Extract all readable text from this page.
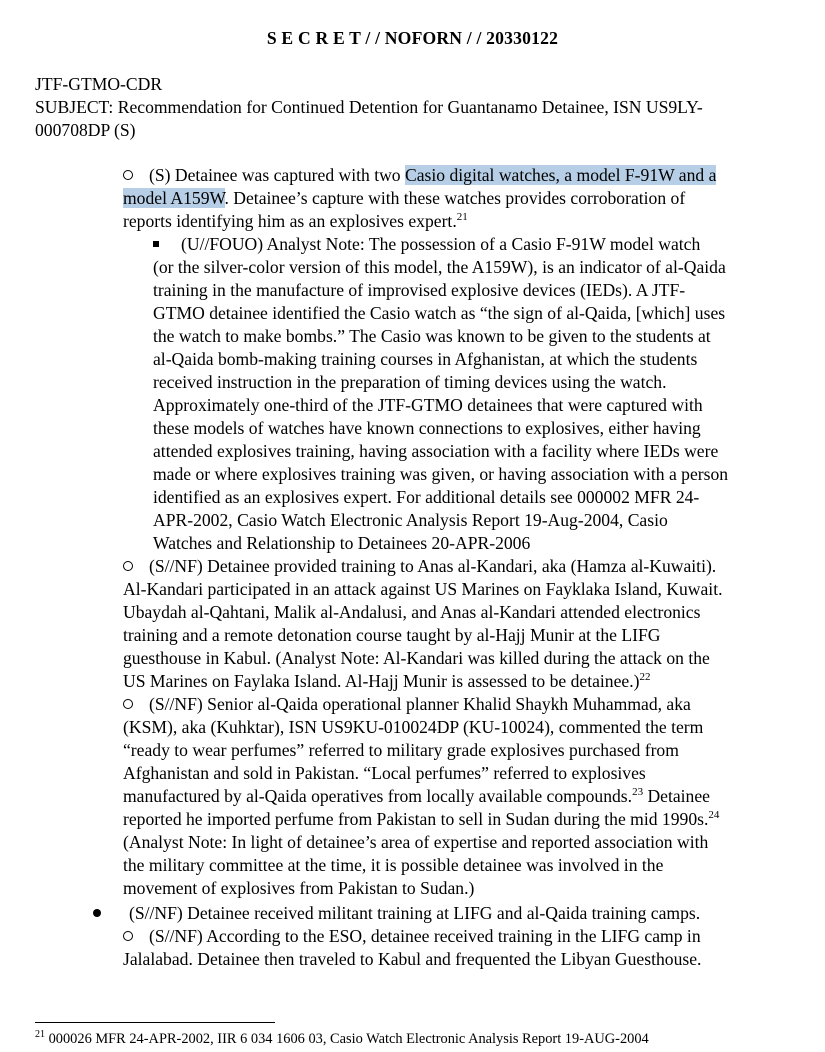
S E C R E T / / NOFORN / / 20330122
JTF-GTMO-CDR
SUBJECT: Recommendation for Continued Detention for Guantanamo Detainee, ISN US9LY-
000708DP (S)
(S) Detainee was captured with two Casio digital watches, a model F-91W and a
model A159W. Detainee’s capture with these watches provides corroboration of
reports identifying him as an explosives expert.$^{21}$
(U//FOUO) Analyst Note: The possession of a Casio F-91W model watch
(or the silver-color version of this model, the A159W), is an indicator of al-Qaida
training in the manufacture of improvised explosive devices (IEDs). A JTF-
GTMO detainee identified the Casio watch as “the sign of al-Qaida, [which] uses
the watch to make bombs.” The Casio was known to be given to the students at
al-Qaida bomb-making training courses in Afghanistan, at which the students
received instruction in the preparation of timing devices using the watch.
Approximately one-third of the JTF-GTMO detainees that were captured with
these models of watches have known connections to explosives, either having
attended explosives training, having association with a facility where IEDs were
made or where explosives training was given, or having association with a person
identified as an explosives expert. For additional details see 000002 MFR 24-
APR-2002, Casio Watch Electronic Analysis Report 19-Aug-2004, Casio
Watches and Relationship to Detainees 20-APR-2006
(S//NF) Detainee provided training to Anas al-Kandari, aka (Hamza al-Kuwaiti).
Al-Kandari participated in an attack against US Marines on Fayklaka Island, Kuwait.
Ubaydah al-Qahtani, Malik al-Andalusi, and Anas al-Kandari attended electronics
training and a remote detonation course taught by al-Hajj Munir at the LIFG
guesthouse in Kabul. (Analyst Note: Al-Kandari was killed during the attack on the
US Marines on Faylaka Island. Al-Hajj Munir is assessed to be detainee.)$^{22}$
(S//NF) Senior al-Qaida operational planner Khalid Shaykh Muhammad, aka
(KSM), aka (Kuhktar), ISN US9KU-010024DP (KU-10024), commented the term
“ready to wear perfumes” referred to military grade explosives purchased from
Afghanistan and sold in Pakistan. “Local perfumes” referred to explosives
manufactured by al-Qaida operatives from locally available compounds.$^{23}$ Detainee
reported he imported perfume from Pakistan to sell in Sudan during the mid 1990s.$^{24}$
(Analyst Note: In light of detainee’s area of expertise and reported association with
the military committee at the time, it is possible detainee was involved in the
movement of explosives from Pakistan to Sudan.)
(S//NF) Detainee received militant training at LIFG and al-Qaida training camps.
(S//NF) According to the ESO, detainee received training in the LIFG camp in
Jalalabad. Detainee then traveled to Kabul and frequented the Libyan Guesthouse.
$^{21}$ 000026 MFR 24-APR-2002, IIR 6 034 1606 03, Casio Watch Electronic Analysis Report 19-AUG-2004
